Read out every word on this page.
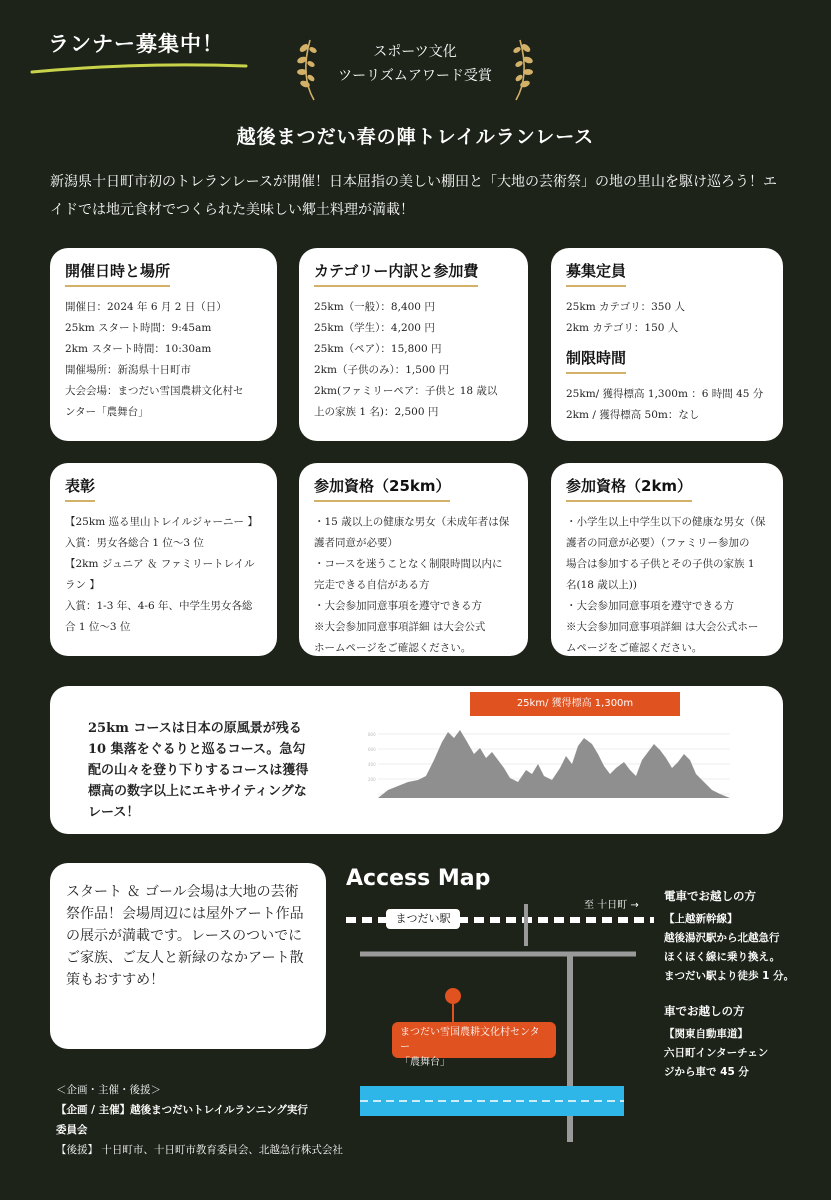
ランナー募集中！	スポーツ文化
ツーリズムアワード受賞
越後まつだい春の陣トレイルランレース
新潟県十日町市初のトレランレースが開催！日本屈指の美しい棚田と「大地の芸術祭」の地の里山を駆け巡ろう！エイドでは地元食材でつくられた美味しい郷土料理が満載！
開催日時と場所
開催日：2024 年 6 月 2 日（日）
25km スタート時間：9:45am
2km スタート時間：10:30am
開催場所：新潟県十日町市
大会会場：まつだい雪国農耕文化村セ
ンター「農舞台」
カテゴリー内訳と参加費
25km（一般）：8,400 円
25km（学生）：4,200 円
25km（ペア）：15,800 円
2km（子供のみ）：1,500 円
2km(ファミリーペア：子供と 18 歳以
上の家族 1 名)：2,500 円
募集定員
25km カテゴリ：350 人
2km カテゴリ：150 人
制限時間
25km/ 獲得標高 1,300m ：6 時間 45 分
2km / 獲得標高 50m：なし
表彰
【25km 巡る里山トレイルジャーニー 】
入賞：男女各総合 1 位〜3 位
【2km ジュニア ＆ ファミリートレイル
ラン 】
入賞：1-3 年、4-6 年、中学生男女各総
合 1 位〜3 位
参加資格（25km）
・15 歳以上の健康な男女（未成年者は保
護者同意が必要）
・コースを迷うことなく制限時間以内に
完走できる自信がある方
・大会参加同意事項を遵守できる方
※大会参加同意事項詳細 は大会公式
ホームページをご確認ください。
参加資格（2km）
・小学生以上中学生以下の健康な男女（保
護者の同意が必要）（ファミリー参加の
場合は参加する子供とその子供の家族 1
名(18 歳以上))
・大会参加同意事項を遵守できる方
※大会参加同意事項詳細 は大会公式ホー
ムページをご確認ください。
25km コースは日本の原風景が残る
10 集落をぐるりと巡るコース。急勾
配の山々を登り下りするコースは獲得
標高の数字以上にエキサイティングな
レース！
25km/ 獲得標高 1,300m
800
600
400
200
スタート ＆ ゴール会場は大地の芸術祭作品！会場周辺には屋外アート作品の展示が満載です。レースのついでにご家族、ご友人と新緑のなかアート散策もおすすめ！
Access Map
まつだい駅
至 十日町 →
まつだい雪国農耕文化村センター
「農舞台」
電車でお越しの方
【上越新幹線】
越後湯沢駅から北越急行
ほくほく線に乗り換え。
まつだい駅より徒歩 1 分。
車でお越しの方
【関東自動車道】
六日町インターチェン
ジから車で 45 分
＜企画・主催・後援＞
【企画 / 主催】越後まつだいトレイルランニング実行
委員会
【後援】 十日町市、十日町市教育委員会、北越急行株式会社
